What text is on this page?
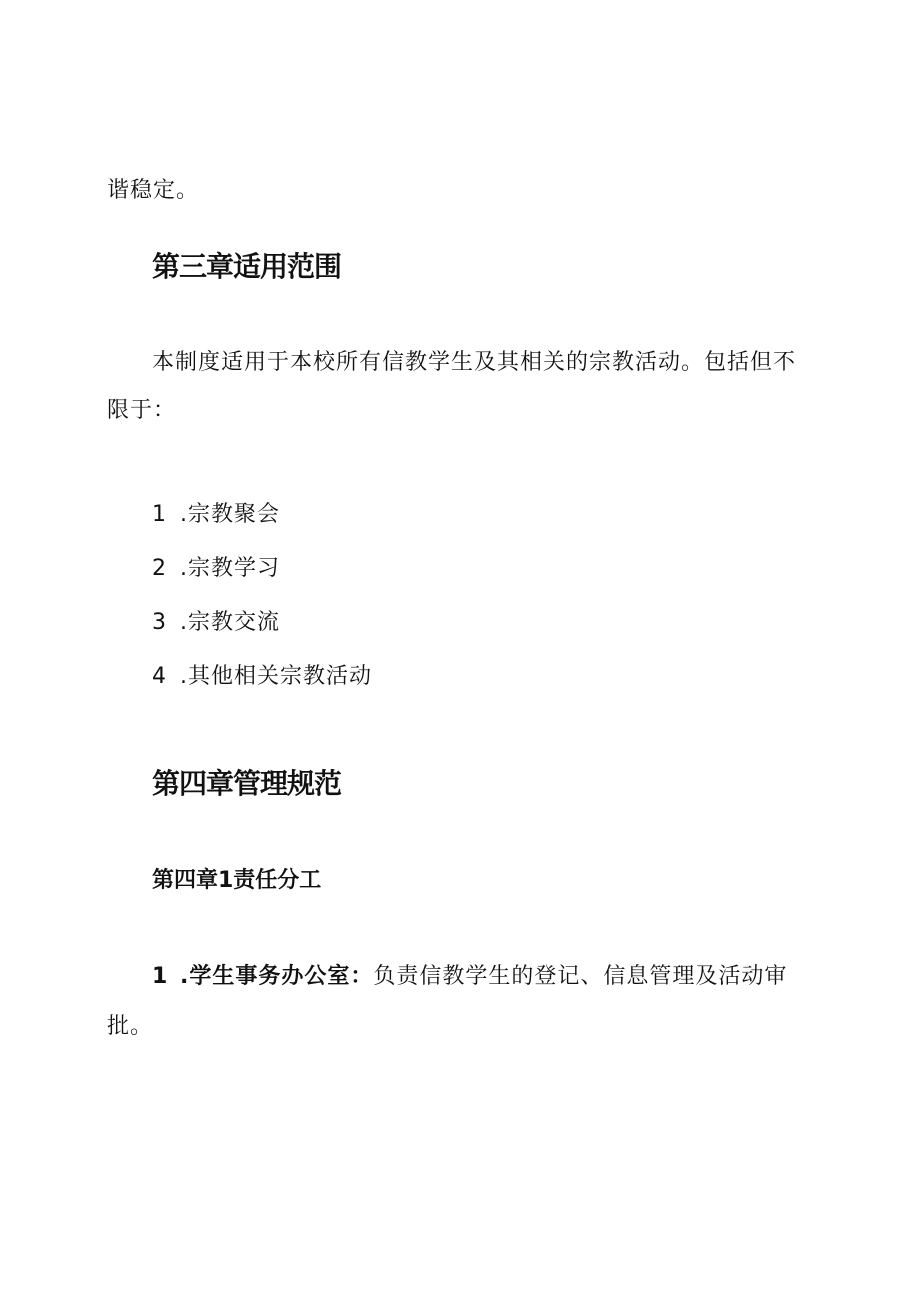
谐稳定。
第三章适用范围
本制度适用于本校所有信教学生及其相关的宗教活动。包括但不
限于：
1 .宗教聚会
2 .宗教学习
3 .宗教交流
4 .其他相关宗教活动
第四章管理规范
第四章1责任分工
1 .学生事务办公室：负责信教学生的登记、信息管理及活动审
批。
